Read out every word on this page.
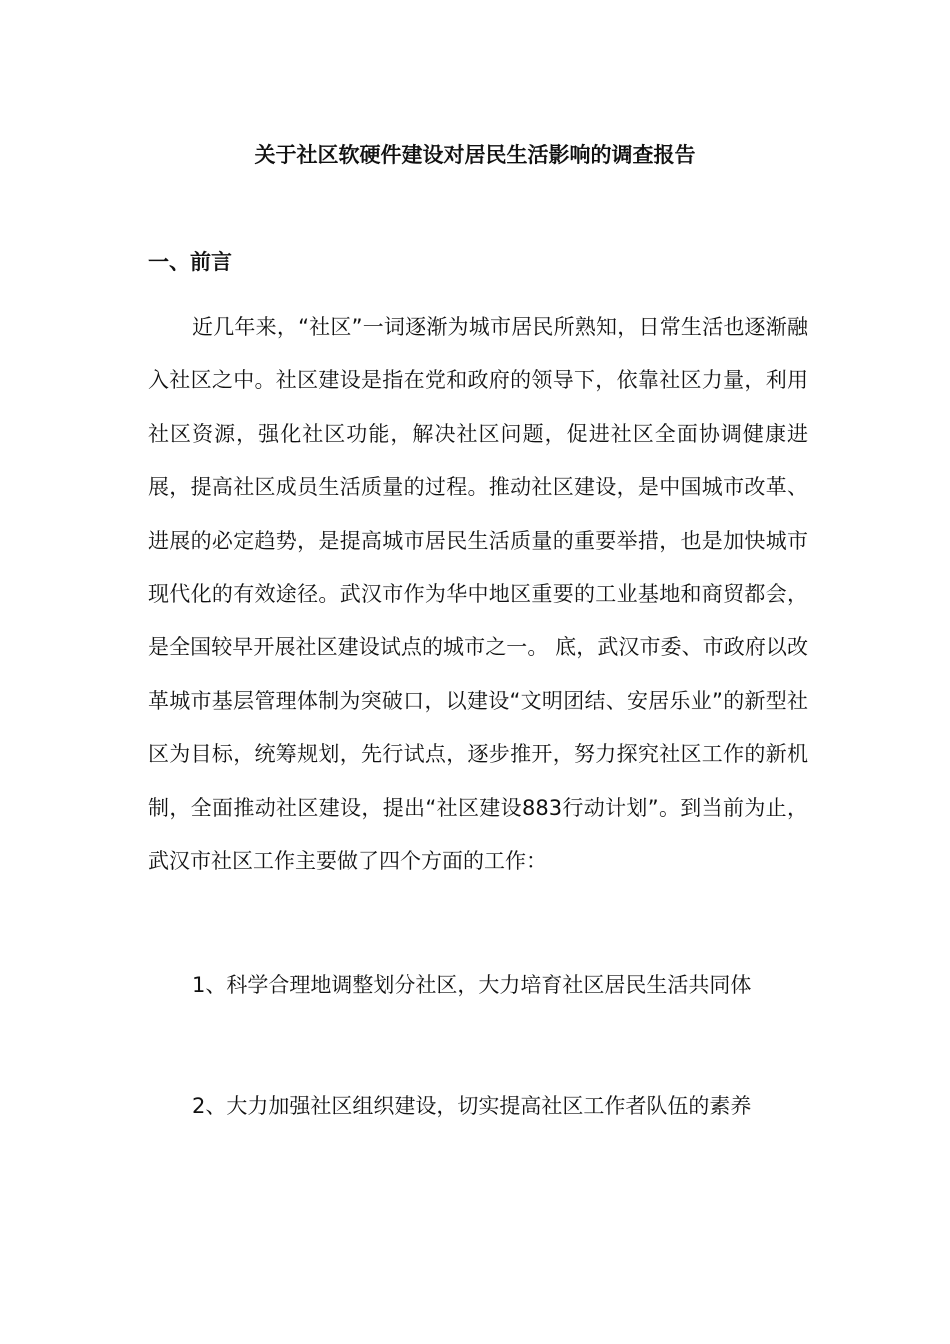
关于社区软硬件建设对居民生活影响的调查报告
一、前言

近几年来，“社区”一词逐渐为城市居民所熟知，日常生活也逐渐融入社区之中。社区建设是指在党和政府的领导下，依靠社区力量，利用社区资源，强化社区功能，解决社区问题，促进社区全面协调健康进展，提高社区成员生活质量的过程。推动社区建设，是中国城市改革、进展的必定趋势，是提高城市居民生活质量的重要举措，也是加快城市现代化的有效途径。武汉市作为华中地区重要的工业基地和商贸都会，是全国较早开展社区建设试点的城市之一。 底，武汉市委、市政府以改革城市基层管理体制为突破口，以建设“文明团结、安居乐业”的新型社区为目标，统筹规划，先行试点，逐步推开，努力探究社区工作的新机制，全面推动社区建设，提出“社区建设883行动计划”。到当前为止，武汉市社区工作主要做了四个方面的工作：

1、科学合理地调整划分社区，大力培育社区居民生活共同体

2、大力加强社区组织建设，切实提高社区工作者队伍的素养
